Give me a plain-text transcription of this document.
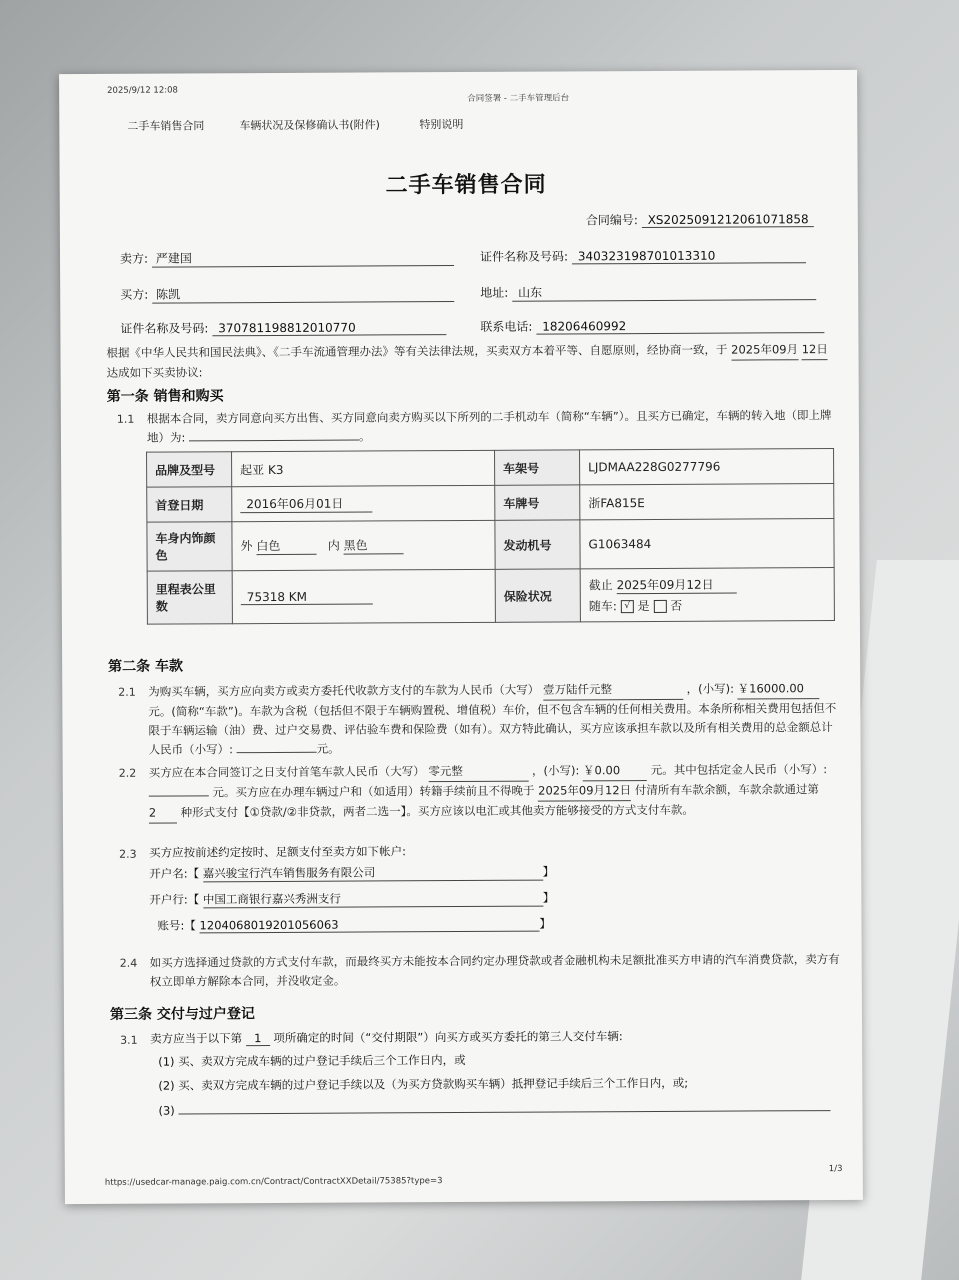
2025/9/12 12:08
合同签署 - 二手车管理后台
二手车销售合同	车辆状况及保修确认书(附件)	特别说明
二手车销售合同
合同编号: XS2025091212061071858
卖方: 严建国	证件名称及号码: 340323198701013310
买方: 陈凯	地址: 山东
证件名称及号码: 370781198812010770	联系电话: 18206460992
根据《中华人民共和国民法典》、《二手车流通管理办法》等有关法律法规，买卖双方本着平等、自愿原则，经协商一致，于 2025年09月 12日 达成如下买卖协议:
第一条 销售和购买
1.1 根据本合同，卖方同意向买方出售、买方同意向卖方购买以下所列的二手机动车（简称“车辆”）。且买方已确定，车辆的转入地（即上牌地）为:	。
品牌及型号	起亚 K3	车架号	LJDMAA228G0277796
首登日期	2016年06月01日	车牌号	浙FA815E
车身内饰颜色	外 白色 内 黑色	发动机号	G1063484
里程表公里数	75318 KM	保险状况	截止 2025年09月12日
随车: √ 是 否
第二条 车款
2.1 为购买车辆，买方应向卖方或卖方委托代收款方支付的车款为人民币（大写） 壹万陆仟元整	，(小写): ￥16000.00 元。(简称“车款”)。车款为含税（包括但不限于车辆购置税、增值税）车价，但不包含车辆的任何相关费用。本条所称相关费用包括但不限于车辆运输（油）费、过户交易费、评估验车费和保险费（如有）。双方特此确认，买方应该承担车款以及所有相关费用的总金额总计人民币（小写）:	元。
2.2 买方应在本合同签订之日支付首笔车款人民币（大写） 零元整	，(小写): ￥0.00	元。其中包括定金人民币（小写）:  元。买方应在办理车辆过户和（如适用）转籍手续前且不得晚于 2025年09月12日 付清所有车款余额，车款余款通过第 2 种形式支付【①贷款/②非贷款，两者二选一】。买方应该以电汇或其他卖方能够接受的方式支付车款。
2.3 买方应按前述约定按时、足额支付至卖方如下帐户:
开户名:【 嘉兴骏宝行汽车销售服务有限公司	】
开户行:【 中国工商银行嘉兴秀洲支行	】
账号:【 1204068019201056063	】
2.4 如买方选择通过贷款的方式支付车款，而最终买方未能按本合同约定办理贷款或者金融机构未足额批准买方申请的汽车消费贷款，卖方有权立即单方解除本合同，并没收定金。
第三条 交付与过户登记
3.1 卖方应当于以下第 1 项所确定的时间（“交付期限”）向买方或买方委托的第三人交付车辆:
(1) 买、卖双方完成车辆的过户登记手续后三个工作日内，或
(2) 买、卖双方完成车辆的过户登记手续以及（为买方贷款购买车辆）抵押登记手续后三个工作日内，或;
(3)
https://usedcar-manage.paig.com.cn/Contract/ContractXXDetail/75385?type=3
1/3
